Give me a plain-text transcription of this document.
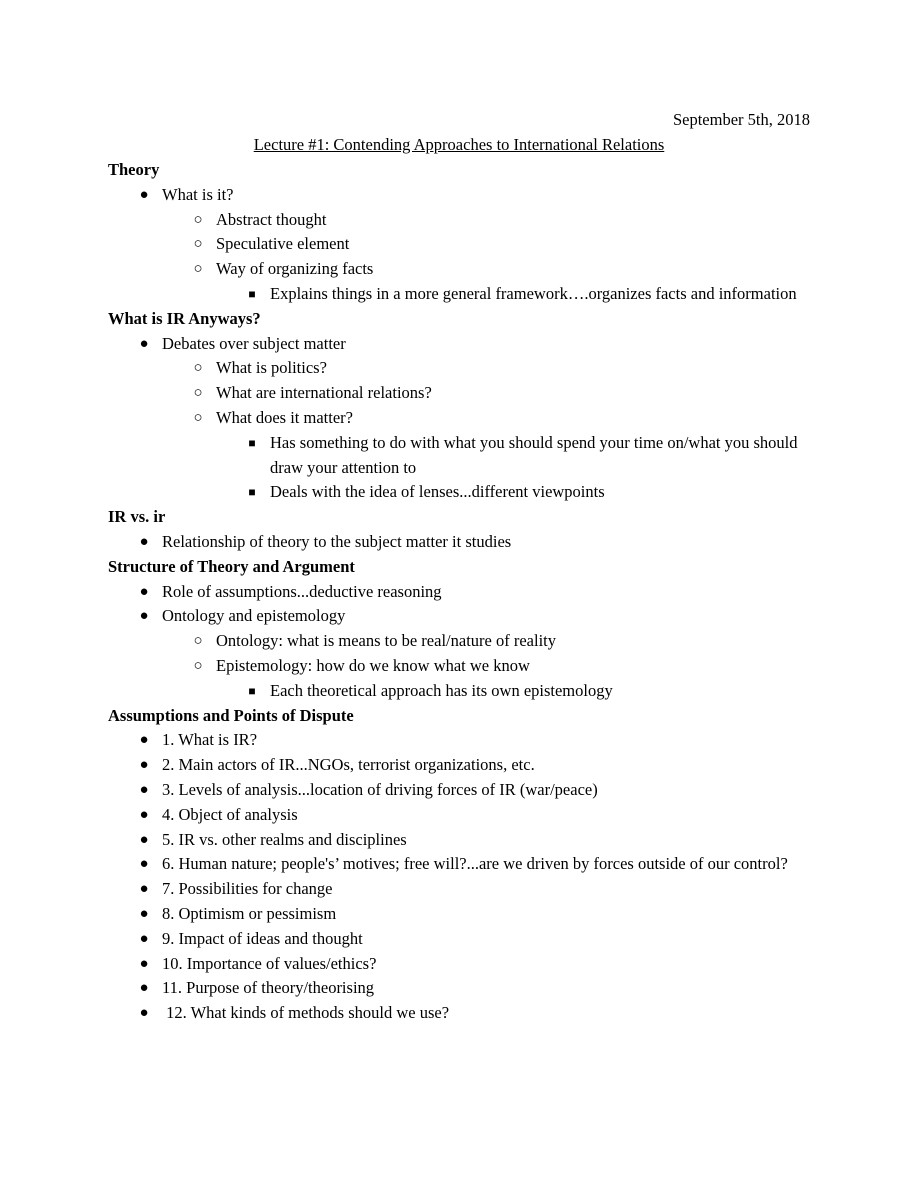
September 5th, 2018
Lecture #1: Contending Approaches to International Relations
Theory
● What is it?
○ Abstract thought
○ Speculative element
○ Way of organizing facts
■ Explains things in a more general framework….organizes facts and information
What is IR Anyways?
● Debates over subject matter
○ What is politics?
○ What are international relations?
○ What does it matter?
■ Has something to do with what you should spend your time on/what you should draw your attention to
■ Deals with the idea of lenses...different viewpoints
IR vs. ir
● Relationship of theory to the subject matter it studies
Structure of Theory and Argument
● Role of assumptions...deductive reasoning
● Ontology and epistemology
○ Ontology: what is means to be real/nature of reality
○ Epistemology: how do we know what we know
■ Each theoretical approach has its own epistemology
Assumptions and Points of Dispute
● 1. What is IR?
● 2. Main actors of IR...NGOs, terrorist organizations, etc.
● 3. Levels of analysis...location of driving forces of IR (war/peace)
● 4. Object of analysis
● 5. IR vs. other realms and disciplines
● 6. Human nature; people's’ motives; free will?...are we driven by forces outside of our control?
● 7. Possibilities for change
● 8. Optimism or pessimism
● 9. Impact of ideas and thought
● 10. Importance of values/ethics?
● 11. Purpose of theory/theorising
● 12. What kinds of methods should we use?
